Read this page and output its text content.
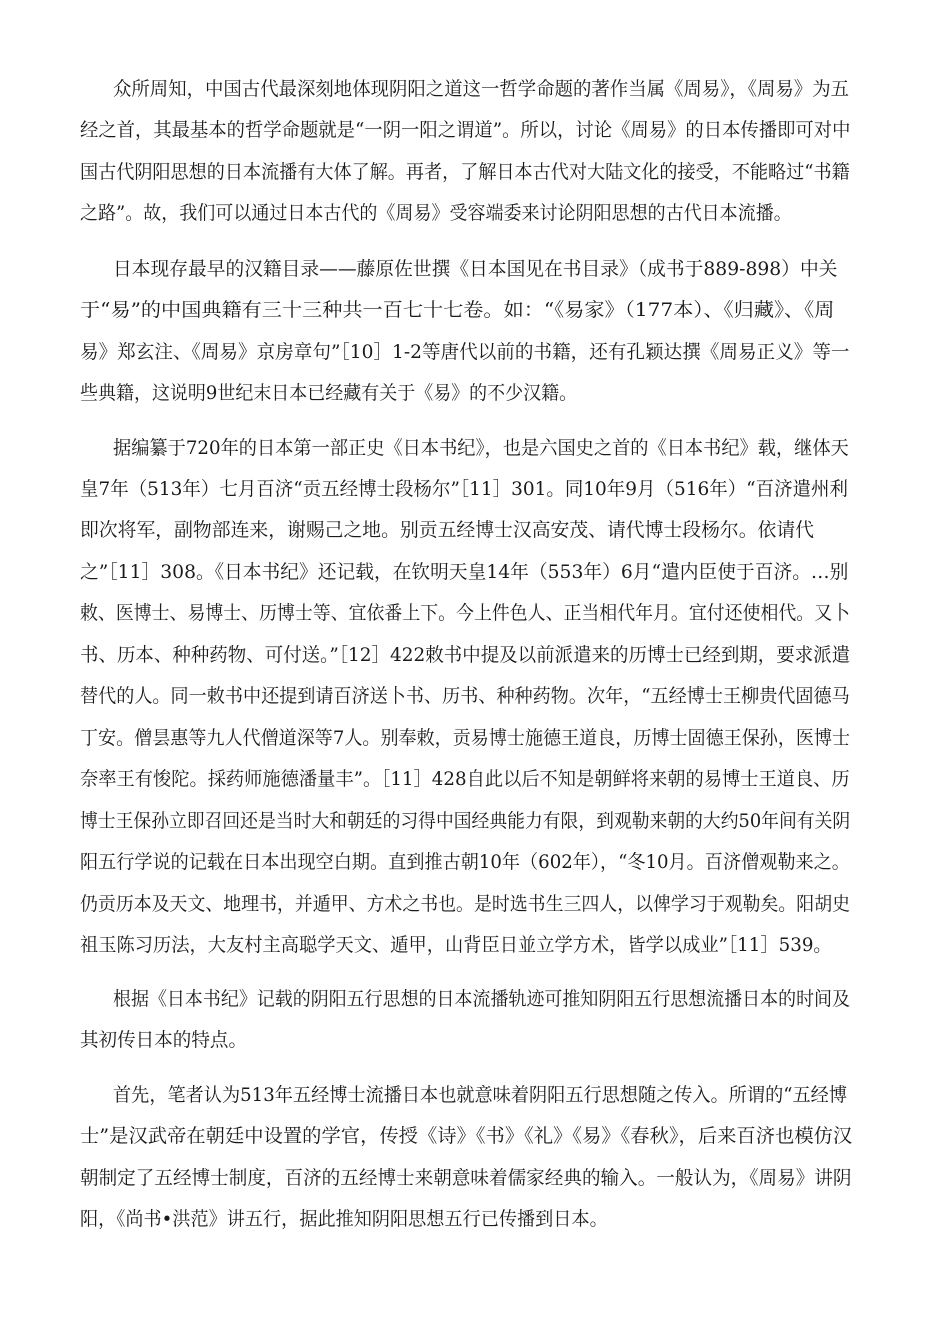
众所周知，中国古代最深刻地体现阴阳之道这一哲学命题的著作当属《周易》，《周易》为五
经之首，其最基本的哲学命题就是“一阴一阳之谓道”。所以，讨论《周易》的日本传播即可对中
国古代阴阳思想的日本流播有大体了解。再者，了解日本古代对大陆文化的接受，不能略过“书籍
之路”。故，我们可以通过日本古代的《周易》受容端委来讨论阴阳思想的古代日本流播。
日本现存最早的汉籍目录——藤原佐世撰《日本国见在书目录》（成书于889-898）中关
于“易”的中国典籍有三十三种共一百七十七卷。如：“《易家》（177本）、《归藏》、《周
易》郑玄注、《周易》京房章句”［10］1-2等唐代以前的书籍，还有孔颖达撰《周易正义》等一
些典籍，这说明9世纪末日本已经藏有关于《易》的不少汉籍。
据编纂于720年的日本第一部正史《日本书纪》，也是六国史之首的《日本书纪》载，继体天
皇7年（513年）七月百济“贡五经博士段杨尔”［11］301。同10年9月（516年）“百济遣州利
即次将军，副物部连来，谢赐己之地。别贡五经博士汉高安茂、请代博士段杨尔。依请代
之”［11］308。《日本书纪》还记载，在钦明天皇14年（553年）6月“遣内臣使于百济。…别
敕、医博士、易博士、历博士等、宜依番上下。今上件色人、正当相代年月。宜付还使相代。又卜
书、历本、种种药物、可付送。”［12］422敕书中提及以前派遣来的历博士已经到期，要求派遣
替代的人。同一敕书中还提到请百济送卜书、历书、种种药物。次年，“五经博士王柳贵代固德马
丁安。僧昙惠等九人代僧道深等7人。别奉敕，贡易博士施德王道良，历博士固德王保孙，医博士
奈率王有悛陀。採药师施德潘量丰”。［11］428自此以后不知是朝鲜将来朝的易博士王道良、历
博士王保孙立即召回还是当时大和朝廷的习得中国经典能力有限，到观勒来朝的大约50年间有关阴
阳五行学说的记载在日本出现空白期。直到推古朝10年（602年），“冬10月。百济僧观勒来之。
仍贡历本及天文、地理书，并遁甲、方术之书也。是时选书生三四人，以俾学习于观勒矣。阳胡史
祖玉陈习历法，大友村主高聪学天文、遁甲，山背臣日並立学方术，皆学以成业”［11］539。
根据《日本书纪》记载的阴阳五行思想的日本流播轨迹可推知阴阳五行思想流播日本的时间及
其初传日本的特点。
首先，笔者认为513年五经博士流播日本也就意味着阴阳五行思想随之传入。所谓的“五经博
士”是汉武帝在朝廷中设置的学官，传授《诗》《书》《礼》《易》《春秋》，后来百济也模仿汉
朝制定了五经博士制度，百济的五经博士来朝意味着儒家经典的输入。一般认为，《周易》讲阴
阳，《尚书•洪范》讲五行，据此推知阴阳思想五行已传播到日本。
